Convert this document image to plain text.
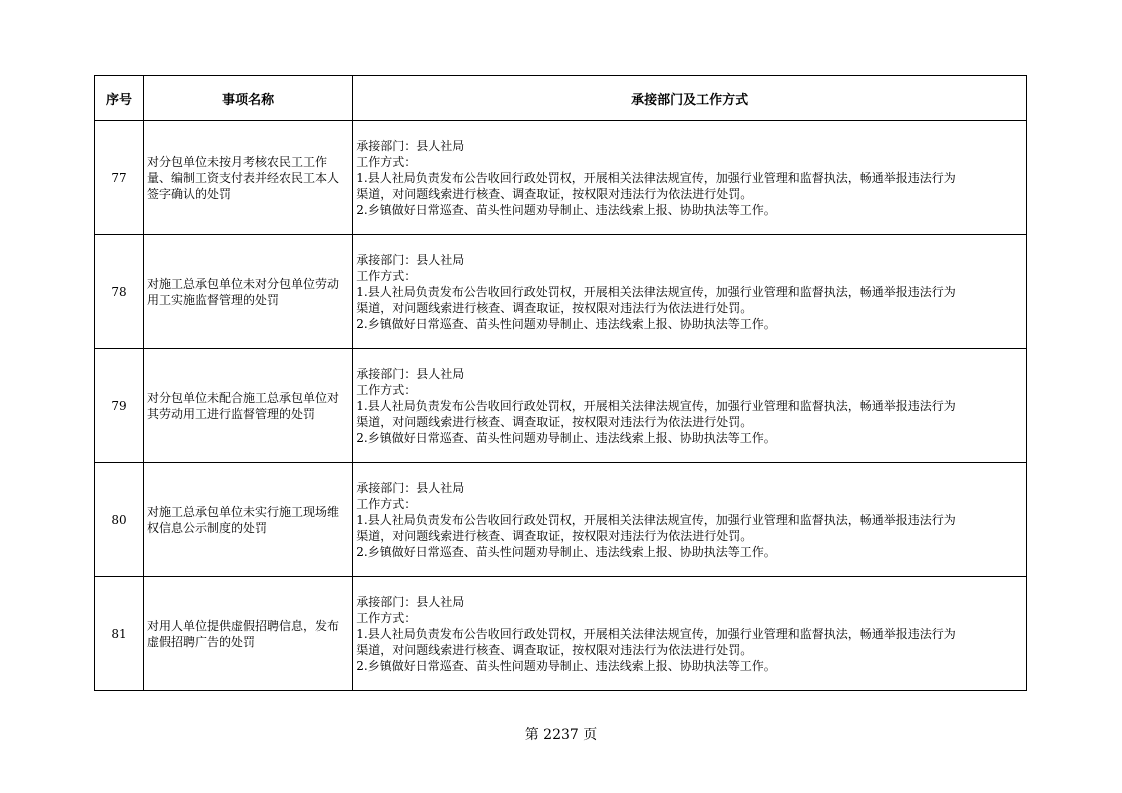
序号	事项名称	承接部门及工作方式
77	对分包单位未按月考核农民工工作量、编制工资支付表并经农民工本人签字确认的处罚	承接部门：县人社局
工作方式：
1.县人社局负责发布公告收回行政处罚权，开展相关法律法规宣传，加强行业管理和监督执法，畅通举报违法行为
渠道，对问题线索进行核查、调查取证，按权限对违法行为依法进行处罚。
2.乡镇做好日常巡查、苗头性问题劝导制止、违法线索上报、协助执法等工作。

78	对施工总承包单位未对分包单位劳动用工实施监督管理的处罚	承接部门：县人社局
工作方式：
1.县人社局负责发布公告收回行政处罚权，开展相关法律法规宣传，加强行业管理和监督执法，畅通举报违法行为
渠道，对问题线索进行核查、调查取证，按权限对违法行为依法进行处罚。
2.乡镇做好日常巡查、苗头性问题劝导制止、违法线索上报、协助执法等工作。

79	对分包单位未配合施工总承包单位对其劳动用工进行监督管理的处罚	承接部门：县人社局
工作方式：
1.县人社局负责发布公告收回行政处罚权，开展相关法律法规宣传，加强行业管理和监督执法，畅通举报违法行为
渠道，对问题线索进行核查、调查取证，按权限对违法行为依法进行处罚。
2.乡镇做好日常巡查、苗头性问题劝导制止、违法线索上报、协助执法等工作。

80	对施工总承包单位未实行施工现场维权信息公示制度的处罚	承接部门：县人社局
工作方式：
1.县人社局负责发布公告收回行政处罚权，开展相关法律法规宣传，加强行业管理和监督执法，畅通举报违法行为
渠道，对问题线索进行核查、调查取证，按权限对违法行为依法进行处罚。
2.乡镇做好日常巡查、苗头性问题劝导制止、违法线索上报、协助执法等工作。

81	对用人单位提供虚假招聘信息，发布虚假招聘广告的处罚	承接部门：县人社局
工作方式：
1.县人社局负责发布公告收回行政处罚权，开展相关法律法规宣传，加强行业管理和监督执法，畅通举报违法行为
渠道，对问题线索进行核查、调查取证，按权限对违法行为依法进行处罚。
2.乡镇做好日常巡查、苗头性问题劝导制止、违法线索上报、协助执法等工作。
第 2237 页
